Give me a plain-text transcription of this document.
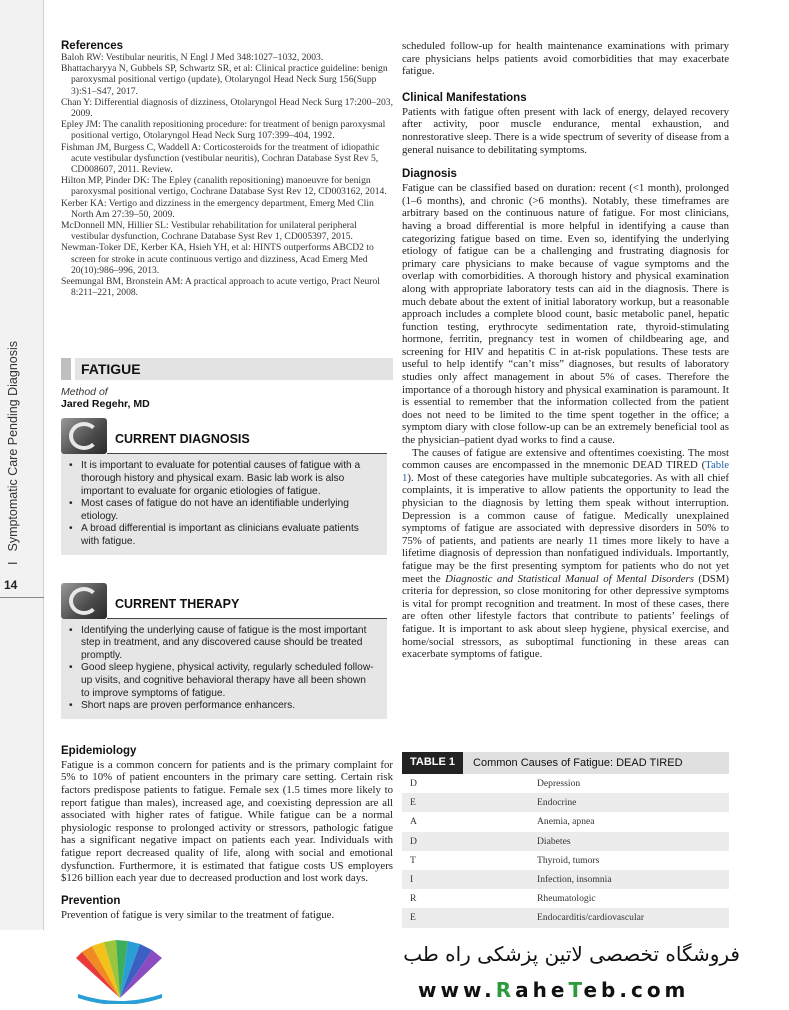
ISymptomatic Care Pending Diagnosis
14
References
Baloh RW: Vestibular neuritis, N Engl J Med 348:1027–1032, 2003.
Bhattacharyya N, Gubbels SP, Schwartz SR, et al: Clinical practice guideline: benign paroxysmal positional vertigo (update), Otolaryngol Head Neck Surg 156(Supp 3):S1–S47, 2017.
Chan Y: Differential diagnosis of dizziness, Otolaryngol Head Neck Surg 17:200–203, 2009.
Epley JM: The canalith repositioning procedure: for treatment of benign paroxysmal positional vertigo, Otolaryngol Head Neck Surg 107:399–404, 1992.
Fishman JM, Burgess C, Waddell A: Corticosteroids for the treatment of idiopathic acute vestibular dysfunction (vestibular neuritis), Cochran Database Syst Rev 5, CD008607, 2011. Review.
Hilton MP, Pinder DK: The Epley (canalith repositioning) manoeuvre for benign paroxysmal positional vertigo, Cochrane Database Syst Rev 12, CD003162, 2014.
Kerber KA: Vertigo and dizziness in the emergency department, Emerg Med Clin North Am 27:39–50, 2009.
McDonnell MN, Hillier SL: Vestibular rehabilitation for unilateral peripheral vestibular dysfunction, Cochrane Database Syst Rev 1, CD005397, 2015.
Newman-Toker DE, Kerber KA, Hsieh YH, et al: HINTS outperforms ABCD2 to screen for stroke in acute continuous vertigo and dizziness, Acad Emerg Med 20(10):986–996, 2013.
Seemungal BM, Bronstein AM: A practical approach to acute vertigo, Pract Neurol 8:211–221, 2008.
FATIGUE
Method of
Jared Regehr, MD
CURRENT DIAGNOSIS
• It is important to evaluate for potential causes of fatigue with a thorough history and physical exam. Basic lab work is also important to evaluate for organic etiologies of fatigue.
• Most cases of fatigue do not have an identifiable underlying etiology.
• A broad differential is important as clinicians evaluate patients with fatigue.
CURRENT THERAPY
• Identifying the underlying cause of fatigue is the most important step in treatment, and any discovered cause should be treated promptly.
• Good sleep hygiene, physical activity, regularly scheduled follow-up visits, and cognitive behavioral therapy have all been shown to improve symptoms of fatigue.
• Short naps are proven performance enhancers.
Epidemiology

Fatigue is a common concern for patients and is the primary complaint for 5% to 10% of patient encounters in the primary care setting. Certain risk factors predispose patients to fatigue. Female sex (1.5 times more likely to report fatigue than males), increased age, and coexisting depression are all associated with higher rates of fatigue. While fatigue can be a normal physiologic response to prolonged activity or stressors, pathologic fatigue has a significant negative impact on patients each year. Individuals with fatigue report decreased quality of life, along with social and emotional dysfunction. Furthermore, it is estimated that fatigue costs US employers $126 billion each year due to decreased production and lost work days.

Prevention

Prevention of fatigue is very similar to the treatment of fatigue.

scheduled follow-up for health maintenance examinations with primary care physicians helps patients avoid comorbidities that may exacerbate fatigue.

Clinical Manifestations

Patients with fatigue often present with lack of energy, delayed recovery after activity, poor muscle endurance, mental exhaustion, and nonrestorative sleep. There is a wide spectrum of severity of disease from a general nuisance to debilitating symptoms.

Diagnosis

Fatigue can be classified based on duration: recent (<1 month), prolonged (1–6 months), and chronic (>6 months). Notably, these timeframes are arbitrary based on the continuous nature of fatigue. For most clinicians, having a broad differential is more helpful in identifying a cause than categorizing fatigue based on time. Even so, identifying the underlying etiology of fatigue can be a challenging and frustrating diagnosis for primary care physicians to make because of vague symptoms and the overlap with comorbidities. A thorough history and physical examination along with appropriate laboratory tests can aid in the diagnosis. There is much debate about the extent of initial laboratory workup, but a reasonable approach includes a complete blood count, basic metabolic panel, hepatic function testing, erythrocyte sedimentation rate, thyroid-stimulating hormone, ferritin, pregnancy test in women of childbearing age, and screening for HIV and hepatitis C in at-risk populations. These tests are useful to help identify “can’t miss” diagnoses, but results of laboratory studies only affect management in about 5% of cases. Therefore the importance of a thorough history and physical examination is paramount. It is essential to remember that the information collected from the patient does not need to be limited to the time spent together in the office; a symptom diary with close follow-up can be an extremely beneficial tool as the physician–patient dyad works to find a cause.

The causes of fatigue are extensive and oftentimes coexisting. The most common causes are encompassed in the mnemonic DEAD TIRED (Table 1). Most of these categories have multiple subcategories. As with all chief complaints, it is imperative to allow patients the opportunity to lead the physician to the diagnosis by letting them speak without interruption. Depression is a common cause of fatigue. Medically unexplained symptoms of fatigue are associated with depressive disorders in 50% to 75% of patients, and patients are nearly 11 times more likely to have a lifetime diagnosis of depression than nonfatigued individuals. Importantly, fatigue may be the first presenting symptom for patients who do not yet meet the Diagnostic and Statistical Manual of Mental Disorders (DSM) criteria for depression, so close monitoring for other depressive symptoms is vital for prompt recognition and treatment. In most of these cases, there are often other lifestyle factors that contribute to patients’ feelings of fatigue. It is important to ask about sleep hygiene, physical exercise, and home/social stressors, as suboptimal functioning in these areas can exacerbate symptoms of fatigue.

TABLE 1	Common Causes of Fatigue: DEAD TIRED
D	Depression
E	Endocrine
A	Anemia, apnea
D	Diabetes
T	Thyroid, tumors
I	Infection, insomnia
R	Rheumatologic
E	Endocarditis/cardiovascular
فروشگاه تخصصی لاتین پزشکی راه طب
www.RaheTeb.com
